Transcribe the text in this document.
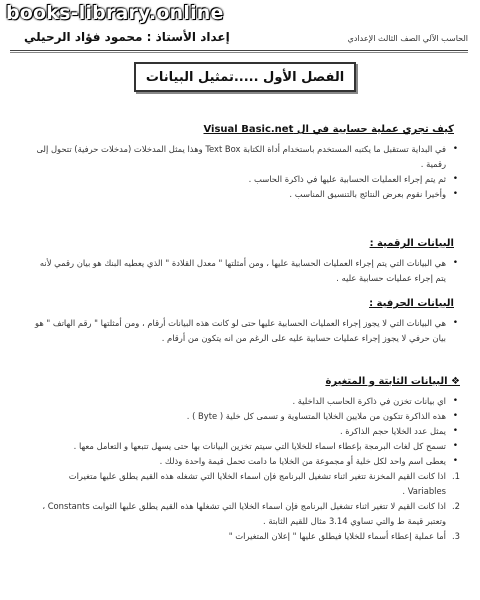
books-library.online
الحاسب الآلي الصف الثالث الإعدادي
إعداد الأستاذ : محمود فؤاد الرحيلي
الفصل الأول .....تمثيل البيانات
كيف تجري عملية حسابية في ال Visual Basic.net
• في البداية تستقبل ما يكتبه المستخدم باستخدام أداة الكتابة Text Box وهذا يمثل المدخلات (مدخلات حرفية) تتحول إلى رقمية .
• ثم يتم إجراء العمليات الحسابية عليها في ذاكرة الحاسب .
• وأخيرا نقوم بعرض النتائج بالتنسيق المناسب .
البيانات الرقمية :
• هي البيانات التي يتم إجراء العمليات الحسابية عليها ، ومن أمثلتها " معدل القلادة " الذي يعطيه البنك هو بيان رقمي لأنه يتم إجراء عمليات حسابية عليه .
البيانات الحرفية :
• هي البيانات التي لا يجوز إجراء العمليات الحسابية عليها حتى لو كانت هذه البيانات أرقام ، ومن أمثلتها " رقم الهاتف " هو بيان حرفي لا يجوز إجراء عمليات حسابية عليه على الرغم من انه يتكون من أرقام .
❖ البيانات الثابتة و المتغيرة
• اي بيانات تخزن في ذاكرة الحاسب الداخلية .
• هذه الذاكرة تتكون من ملايين الخلايا المتساوية و تسمى كل خلية ( Byte ) .
• يمثل عدد الخلايا حجم الذاكرة .
• تسمح كل لغات البرمجة بإعطاء اسماء للخلايا التي سيتم تخزين البيانات بها حتى يسهل تتبعها و التعامل معها .
• يعطى اسم واحد لكل خلية أو مجموعة من الخلايا ما دامت تحمل قيمة واحدة وذلك .
1.
اذا كانت القيم المخزنة تتغير اثناء تشغيل البرنامج فإن اسماء الخلايا التي تشغله هذه القيم يطلق عليها متغيرات Variables .
2.
اذا كانت القيم لا تتغير اثناء تشغيل البرنامج فإن اسماء الخلايا التي تشغلها هذه القيم يطلق عليها الثوابت Constants ، وتعتبر قيمة ط والتي تساوي 3.14 مثال للقيم الثابتة .
3.
أما عملية إعطاء أسماء للخلايا فيطلق عليها " إعلان المتغيرات "
